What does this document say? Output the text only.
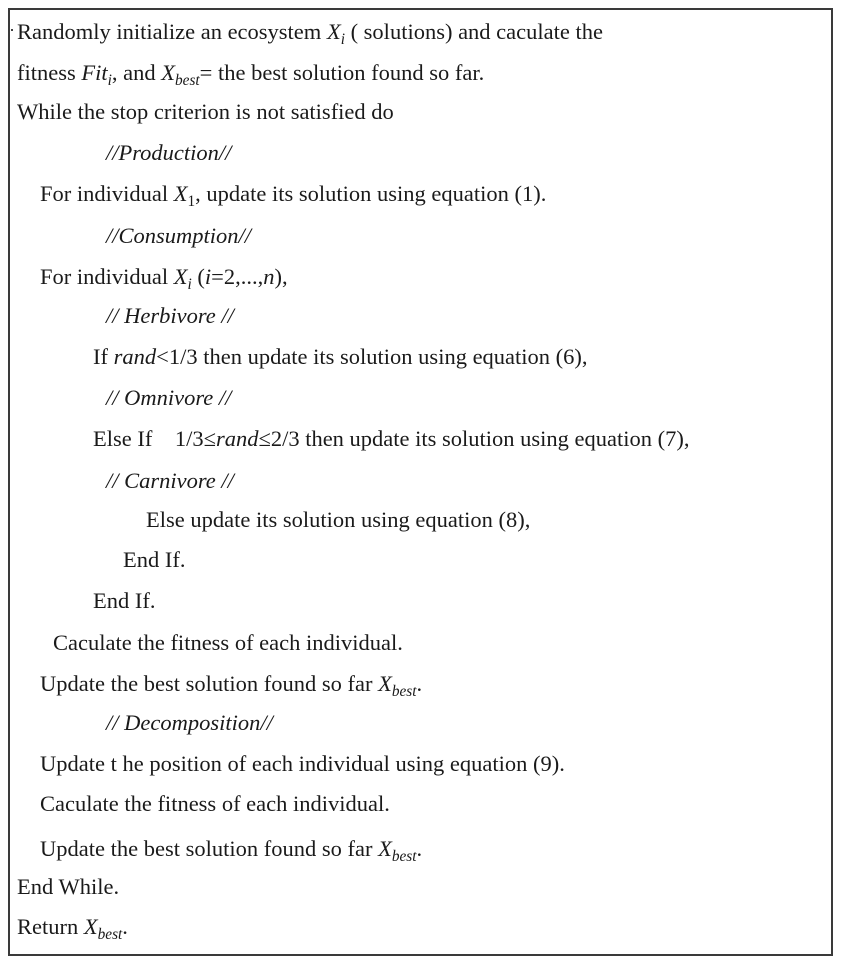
Randomly initialize an ecosystem $X_i$ ( solutions) and caculate the
fitness Fit$_i$, and $X_{best}=$ the best solution found so far.
While the stop criterion is not satisfied do
//Production//
For individual $X_1$, update its solution using equation (1).
//Consumption//
For individual $X_i$ (i=2,...,n),
// Herbivore //
If rand<1/3 then update its solution using equation (6),
// Omnivore //
Else If    1/3≤rand≤2/3 then update its solution using equation (7),
// Carnivore //
Else update its solution using equation (8),
End If.
End If.
Caculate the fitness of each individual.
Update the best solution found so far $X_{best}$.
// Decomposition//
Update t he position of each individual using equation (9).
Caculate the fitness of each individual.
Update the best solution found so far $X_{best}$.
End While.
Return $X_{best}$.
